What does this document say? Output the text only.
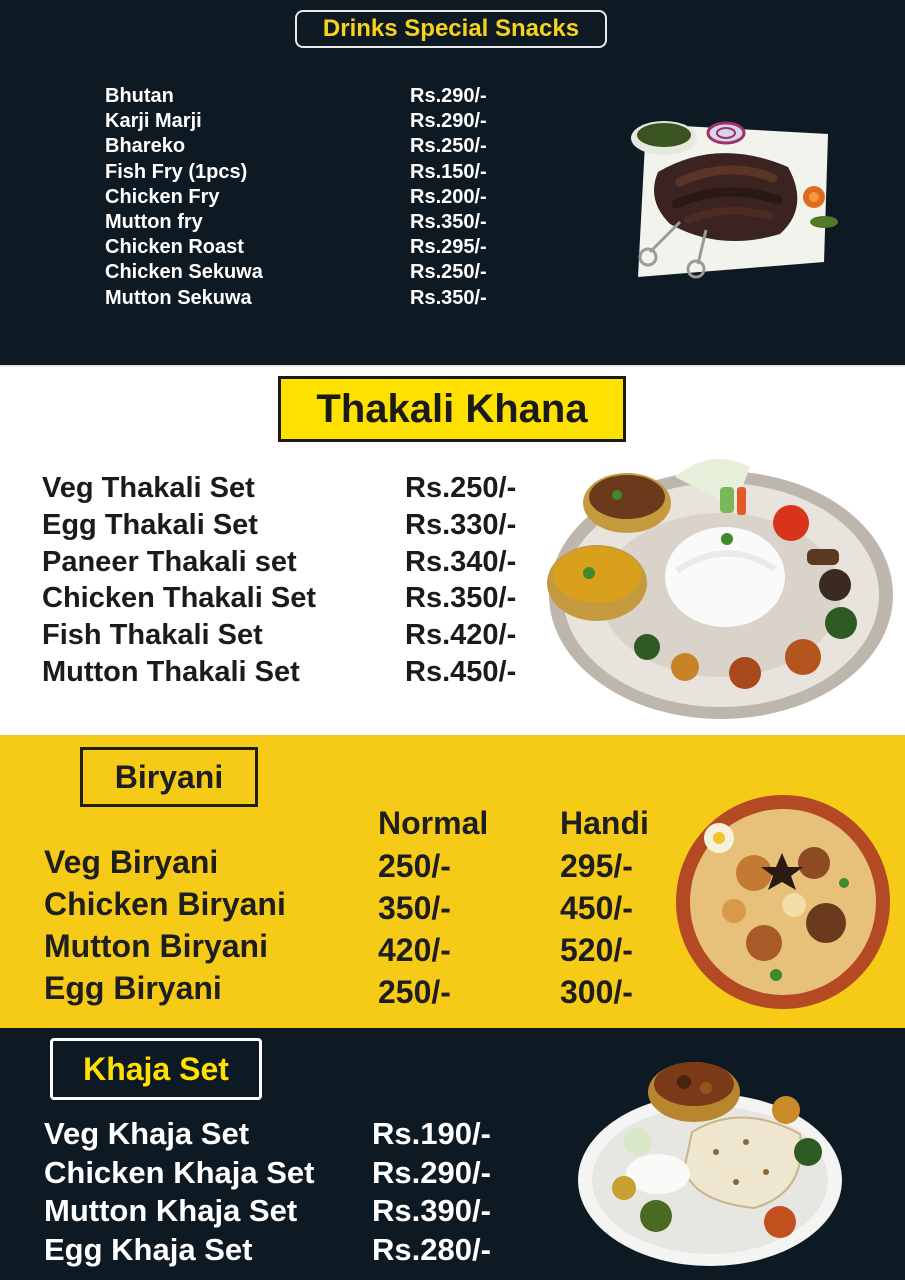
Drinks Special Snacks
Bhutan	Rs.290/-
Karji Marji	Rs.290/-
Bhareko	Rs.250/-
Fish Fry (1pcs)	Rs.150/-
Chicken Fry	Rs.200/-
Mutton fry	Rs.350/-
Chicken Roast	Rs.295/-
Chicken Sekuwa	Rs.250/-
Mutton Sekuwa	Rs.350/-
Thakali Khana
Veg Thakali Set	Rs.250/-
Egg Thakali Set	Rs.330/-
Paneer Thakali set	Rs.340/-
Chicken Thakali Set	Rs.350/-
Fish Thakali Set	Rs.420/-
Mutton Thakali Set	Rs.450/-
Biryani
Normal Handi
Veg Biryani	250/-	295/-
Chicken Biryani	350/-	450/-
Mutton Biryani	420/-	520/-
Egg Biryani	250/-	300/-
Khaja Set
Veg Khaja Set	Rs.190/-
Chicken Khaja Set Rs.290/-
Mutton Khaja Set Rs.390/-
Egg Khaja Set	Rs.280/-
